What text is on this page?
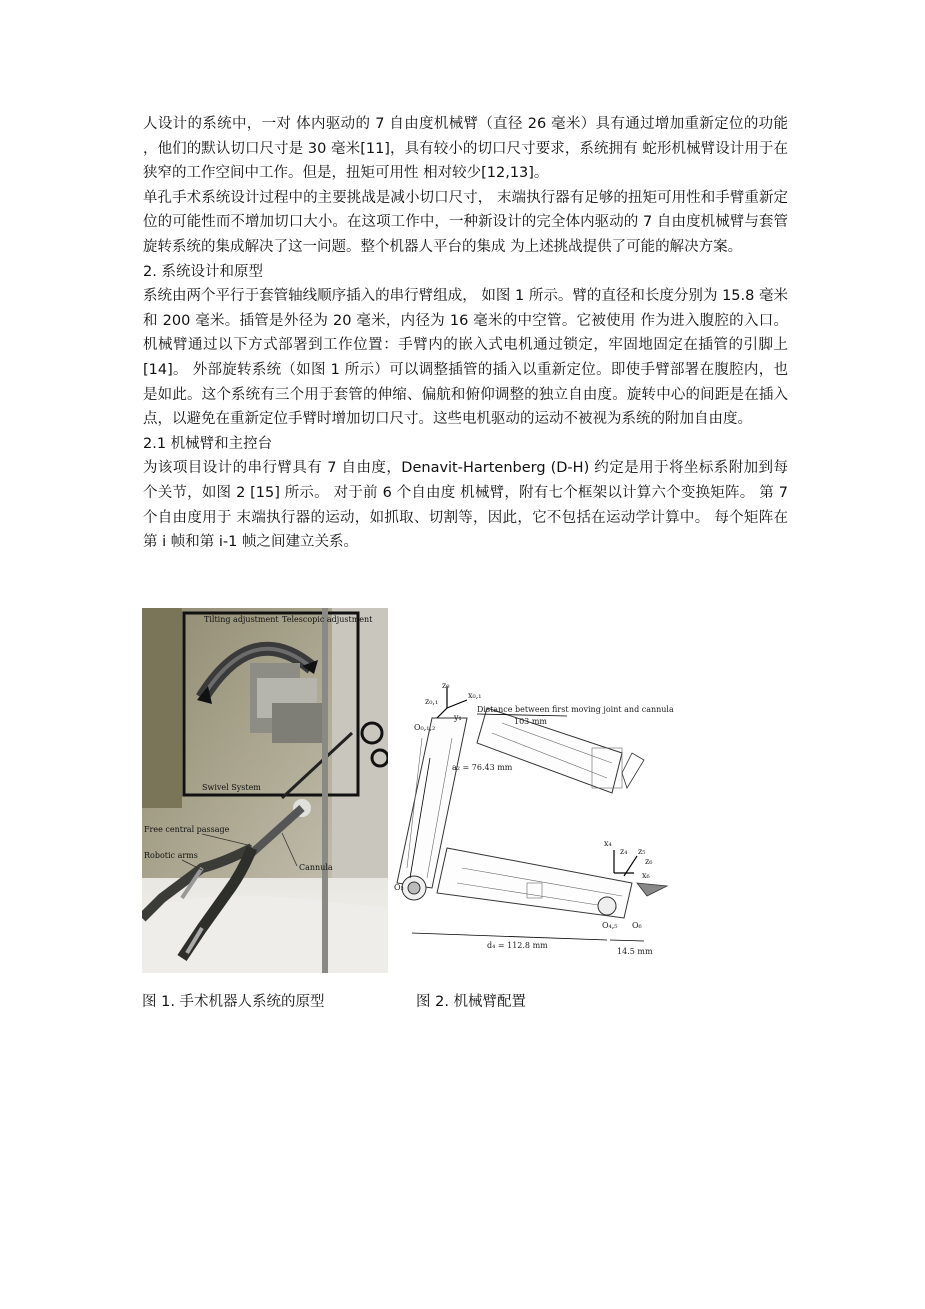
人设计的系统中，一对 体内驱动的 7 自由度机械臂（直径 26 毫米）具有通过增加重新定位的功能 ，他们的默认切口尺寸是 30 毫米[11]，具有较小的切口尺寸要求，系统拥有 蛇形机械臂设计用于在狭窄的工作空间中工作。但是，扭矩可用性 相对较少[12,13]。

单孔手术系统设计过程中的主要挑战是减小切口尺寸， 末端执行器有足够的扭矩可用性和手臂重新定位的可能性而不增加切口大小。在这项工作中，一种新设计的完全体内驱动的 7 自由度机械臂与套管旋转系统的集成解决了这一问题。整个机器人平台的集成 为上述挑战提供了可能的解决方案。

2. 系统设计和原型

系统由两个平行于套管轴线顺序插入的串行臂组成， 如图 1 所示。臂的直径和长度分别为 15.8 毫米和 200 毫米。插管是外径为 20 毫米，内径为 16 毫米的中空管。它被使用 作为进入腹腔的入口。机械臂通过以下方式部署到工作位置：手臂内的嵌入式电机通过锁定，牢固地固定在插管的引脚上 [14]。 外部旋转系统（如图 1 所示）可以调整插管的插入以重新定位。即使手臂部署在腹腔内，也是如此。这个系统有三个用于套管的伸缩、偏航和俯仰调整的独立自由度。旋转中心的间距是在插入点，以避免在重新定位手臂时增加切口尺寸。这些电机驱动的运动不被视为系统的附加自由度。

2.1 机械臂和主控台

为该项目设计的串行臂具有 7 自由度，Denavit-Hartenberg (D-H) 约定是用于将坐标系附加到每个关节，如图 2 [15] 所示。 对于前 6 个自由度 机械臂，附有七个框架以计算六个变换矩阵。 第 7 个自由度用于 末端执行器的运动，如抓取、切割等，因此，它不包括在运动学计算中。 每个矩阵在第 i 帧和第 i-1 帧之间建立关系。

Tilting adjustment Telescopic adjustment
Swivel System
Free central passage
Robotic arms
Cannula
z₀
x₀,₁
z₀,₁
y₁
O₀,₁,₂
Distance between first moving joint and cannula
103 mm
a₂ = 76.43 mm
x₄
z₄ z₅
z₆
x₆
O₃
O₄,₅ O₆
d₄ = 112.8 mm
14.5 mm
图 1. 手术机器人系统的原型	图 2. 机械臂配置
